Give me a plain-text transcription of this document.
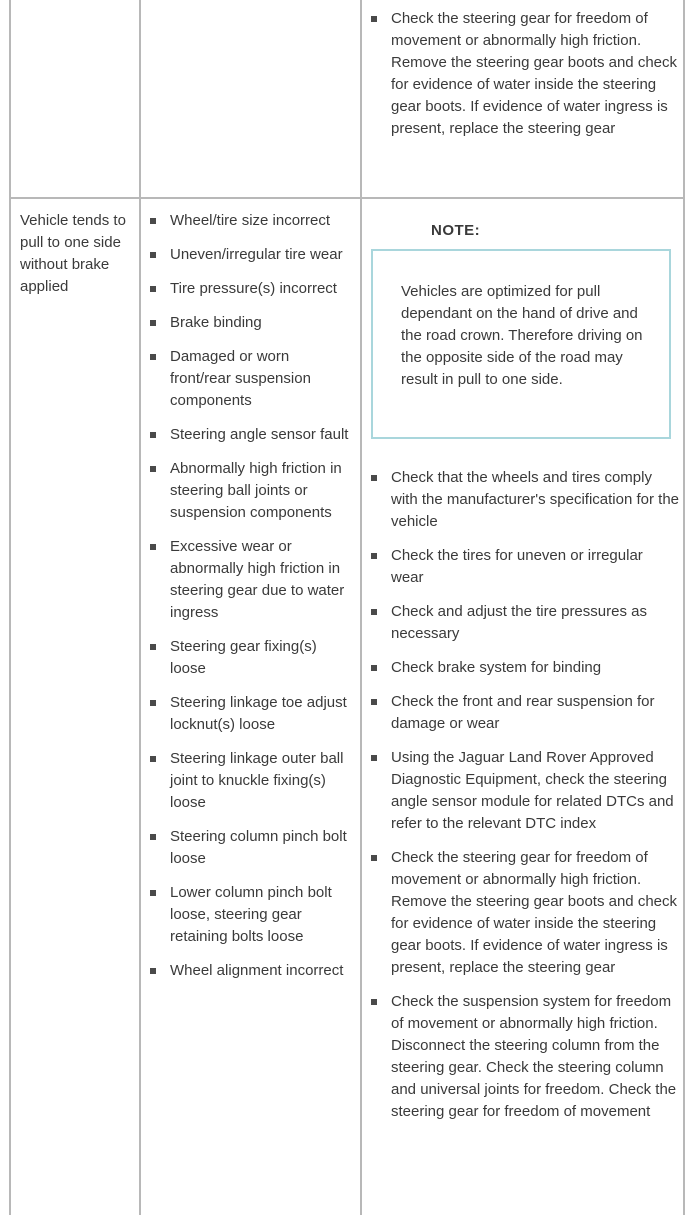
Check the steering gear for freedom of movement or abnormally high friction. Remove the steering gear boots and check for evidence of water inside the steering gear boots. If evidence of water ingress is present, replace the steering gear
Vehicle tends to pull to one side without brake applied
Wheel/tire size incorrect
Uneven/irregular tire wear
Tire pressure(s) incorrect
Brake binding
Damaged or worn front/rear suspension components
Steering angle sensor fault
Abnormally high friction in steering ball joints or suspension components
Excessive wear or abnormally high friction in steering gear due to water ingress
Steering gear fixing(s) loose
Steering linkage toe adjust locknut(s) loose
Steering linkage outer ball joint to knuckle fixing(s) loose
Steering column pinch bolt loose
Lower column pinch bolt loose, steering gear retaining bolts loose
Wheel alignment incorrect
NOTE:
Vehicles are optimized for pull dependant on the hand of drive and the road crown. Therefore driving on the opposite side of the road may result in pull to one side.
Check that the wheels and tires comply with the manufacturer's specification for the vehicle
Check the tires for uneven or irregular wear
Check and adjust the tire pressures as necessary
Check brake system for binding
Check the front and rear suspension for damage or wear
Using the Jaguar Land Rover Approved Diagnostic Equipment, check the steering angle sensor module for related DTCs and refer to the relevant DTC index
Check the steering gear for freedom of movement or abnormally high friction. Remove the steering gear boots and check for evidence of water inside the steering gear boots. If evidence of water ingress is present, replace the steering gear
Check the suspension system for freedom of movement or abnormally high friction. Disconnect the steering column from the steering gear. Check the steering column and universal joints for freedom. Check the steering gear for freedom of movement
